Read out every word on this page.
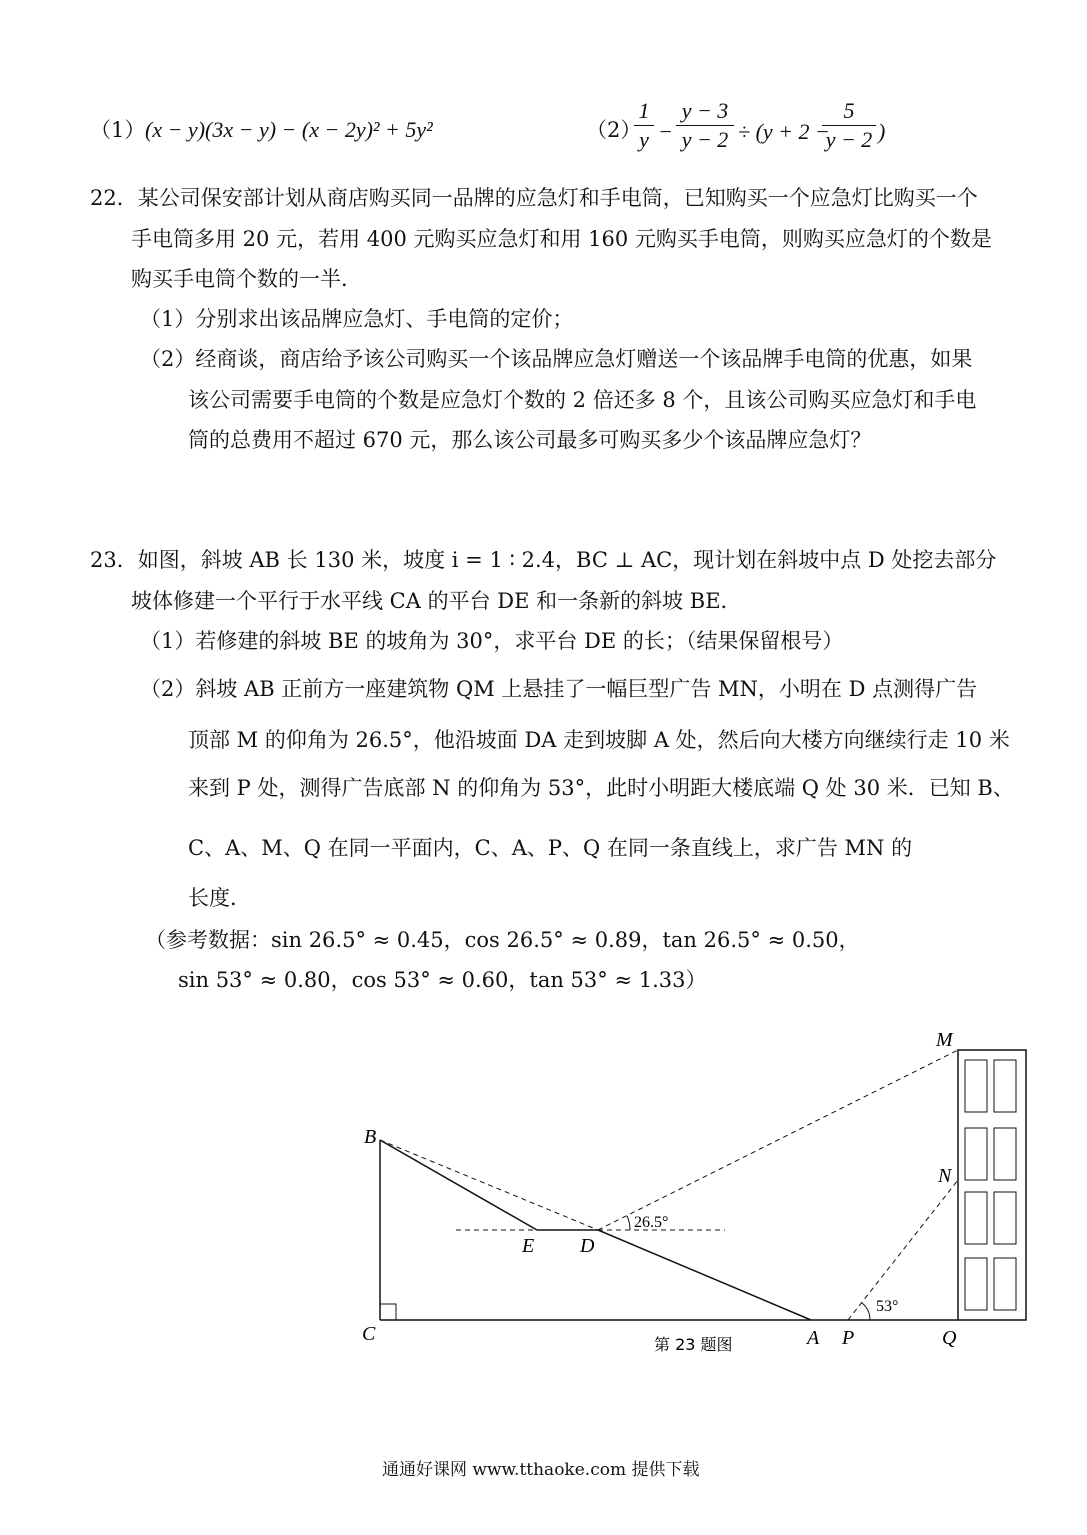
（1） (x − y)(3x − y) − (x − 2y)² + 5y²	（2）
1
y −
y − 3
y − 2 ÷ (y + 2 −
5
y − 2 )
22．某公司保安部计划从商店购买同一品牌的应急灯和手电筒，已知购买一个应急灯比购买一个
手电筒多用 20 元，若用 400 元购买应急灯和用 160 元购买手电筒，则购买应急灯的个数是
购买手电筒个数的一半．
（1）分别求出该品牌应急灯、手电筒的定价；
（2）经商谈，商店给予该公司购买一个该品牌应急灯赠送一个该品牌手电筒的优惠，如果
该公司需要手电筒的个数是应急灯个数的 2 倍还多 8 个，且该公司购买应急灯和手电
筒的总费用不超过 670 元，那么该公司最多可购买多少个该品牌应急灯？
23．如图，斜坡 AB 长 130 米，坡度 i = 1 ∶ 2.4，BC ⊥ AC，现计划在斜坡中点 D 处挖去部分
坡体修建一个平行于水平线 CA 的平台 DE 和一条新的斜坡 BE．
（1）若修建的斜坡 BE 的坡角为 30°，求平台 DE 的长；（结果保留根号）
（2）斜坡 AB 正前方一座建筑物 QM 上悬挂了一幅巨型广告 MN，小明在 D 点测得广告
顶部 M 的仰角为 26.5°，他沿坡面 DA 走到坡脚 A 处，然后向大楼方向继续行走 10 米
来到 P 处，测得广告底部 N 的仰角为 53°，此时小明距大楼底端 Q 处 30 米．已知 B、
C、A、M、Q 在同一平面内，C、A、P、Q 在同一条直线上，求广告 MN 的
长度．
（参考数据：sin 26.5° ≈ 0.45，cos 26.5° ≈ 0.89，tan 26.5° ≈ 0.50，
sin 53° ≈ 0.80，cos 53° ≈ 0.60，tan 53° ≈ 1.33）
M
B
N
E D
C	A P	Q
26.5°
53°
第 23 题图
通通好课网 www.tthaoke.com 提供下载
